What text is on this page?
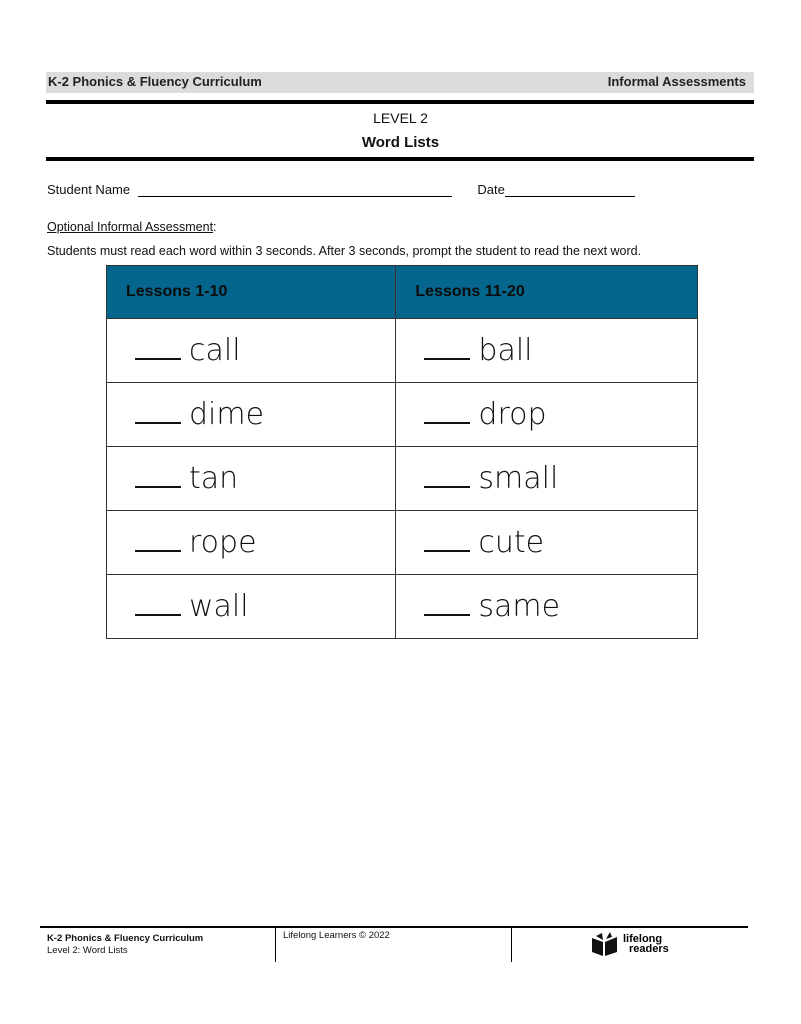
K-2 Phonics & Fluency Curriculum	Informal Assessments
LEVEL 2
Word Lists
Student Name	Date
Optional Informal Assessment:
Students must read each word within 3 seconds. After 3 seconds, prompt the student to read the next word.
Lessons 1-10	Lessons 11-20
call	ball
dime	drop
tan	small
rope	cute
wall	same
K-2 Phonics & Fluency Curriculum
Level 2: Word Lists
Lifelong Learners © 2022	lifelong
readers
